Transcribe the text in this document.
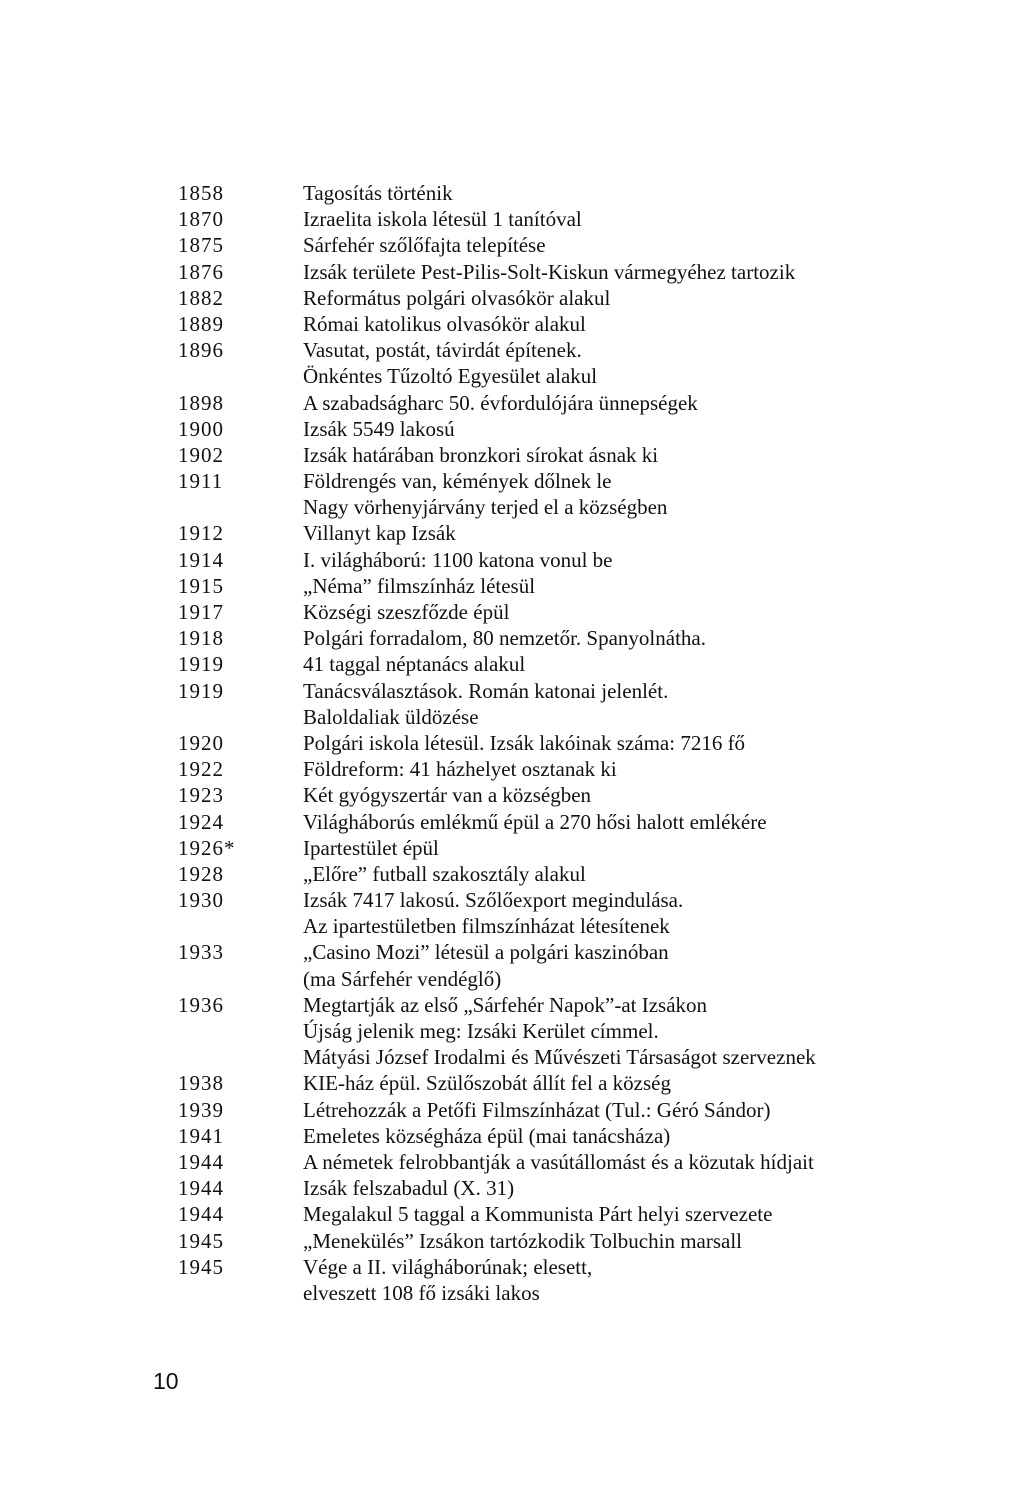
1858	Tagosítás történik
1870	Izraelita iskola létesül 1 tanítóval
1875	Sárfehér szőlőfajta telepítése
1876	Izsák területe Pest-Pilis-Solt-Kiskun vármegyéhez tartozik
1882	Református polgári olvasókör alakul
1889	Római katolikus olvasókör alakul
1896	Vasutat, postát, távirdát építenek.
Önkéntes Tűzoltó Egyesület alakul
1898	A szabadságharc 50. évfordulójára ünnepségek
1900	Izsák 5549 lakosú
1902	Izsák határában bronzkori sírokat ásnak ki
1911	Földrengés van, kémények dőlnek le
Nagy vörhenyjárvány terjed el a községben
1912	Villanyt kap Izsák
1914	I. világháború: 1100 katona vonul be
1915	„Néma” filmszínház létesül
1917	Községi szeszfőzde épül
1918	Polgári forradalom, 80 nemzetőr. Spanyolnátha.
1919	41 taggal néptanács alakul
1919	Tanácsválasztások. Román katonai jelenlét.
Baloldaliak üldözése
1920	Polgári iskola létesül. Izsák lakóinak száma: 7216 fő
1922	Földreform: 41 házhelyet osztanak ki
1923	Két gyógyszertár van a községben
1924	Világháborús emlékmű épül a 270 hősi halott emlékére
1926*	Ipartestület épül
1928	„Előre” futball szakosztály alakul
1930	Izsák 7417 lakosú. Szőlőexport megindulása.
Az ipartestületben filmszínházat létesítenek
1933	„Casino Mozi” létesül a polgári kaszinóban
(ma Sárfehér vendéglő)
1936	Megtartják az első „Sárfehér Napok”-at Izsákon
Újság jelenik meg: Izsáki Kerület címmel.
Mátyási József Irodalmi és Művészeti Társaságot szerveznek
1938	KIE-ház épül. Szülőszobát állít fel a község
1939	Létrehozzák a Petőfi Filmszínházat (Tul.: Géró Sándor)
1941	Emeletes községháza épül (mai tanácsháza)
1944	A németek felrobbantják a vasútállomást és a közutak hídjait
1944	Izsák felszabadul (X. 31)
1944	Megalakul 5 taggal a Kommunista Párt helyi szervezete
1945	„Menekülés” Izsákon tartózkodik Tolbuchin marsall
1945	Vége a II. világháborúnak; elesett,
elveszett 108 fő izsáki lakos
10
